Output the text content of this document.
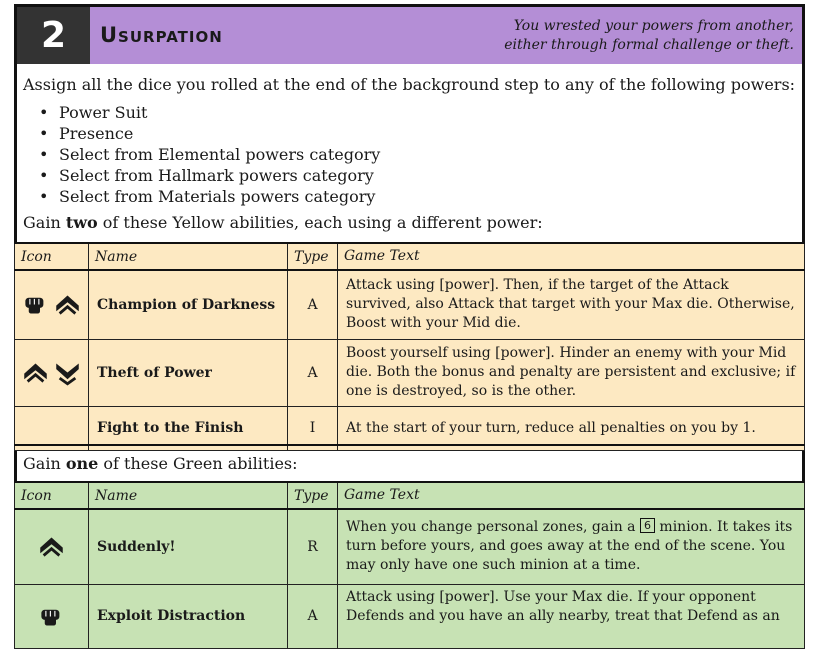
2	Usurpation	You wrested your powers from another,
either through formal challenge or theft.
Assign all the dice you rolled at the end of the background step to any of the following powers:
• Power Suit
• Presence
• Select from Elemental powers category
• Select from Hallmark powers category
• Select from Materials powers category
Gain two of these Yellow abilities, each using a different power:
Icon	Name	Type	Game Text
	Champion of Darkness	A	Attack using [power]. Then, if the target of the Attack survived, also Attack that target with your Max die. Otherwise, Boost with your Mid die.
	Theft of Power	A	Boost yourself using [power]. Hinder an enemy with your Mid die. Both the bonus and penalty are persistent and exclusive; if one is destroyed, so is the other.
	Fight to the Finish	I	At the start of your turn, reduce all penalties on you by 1.
Gain one of these Green abilities:
Icon	Name	Type	Game Text
	Suddenly!	R	When you change personal zones, gain a 6 minion. It takes its turn before yours, and goes away at the end of the scene. You may only have one such minion at a time.
	Exploit Distraction	A	Attack using [power]. Use your Max die. If your opponent Defends and you have an ally nearby, treat that Defend as an
